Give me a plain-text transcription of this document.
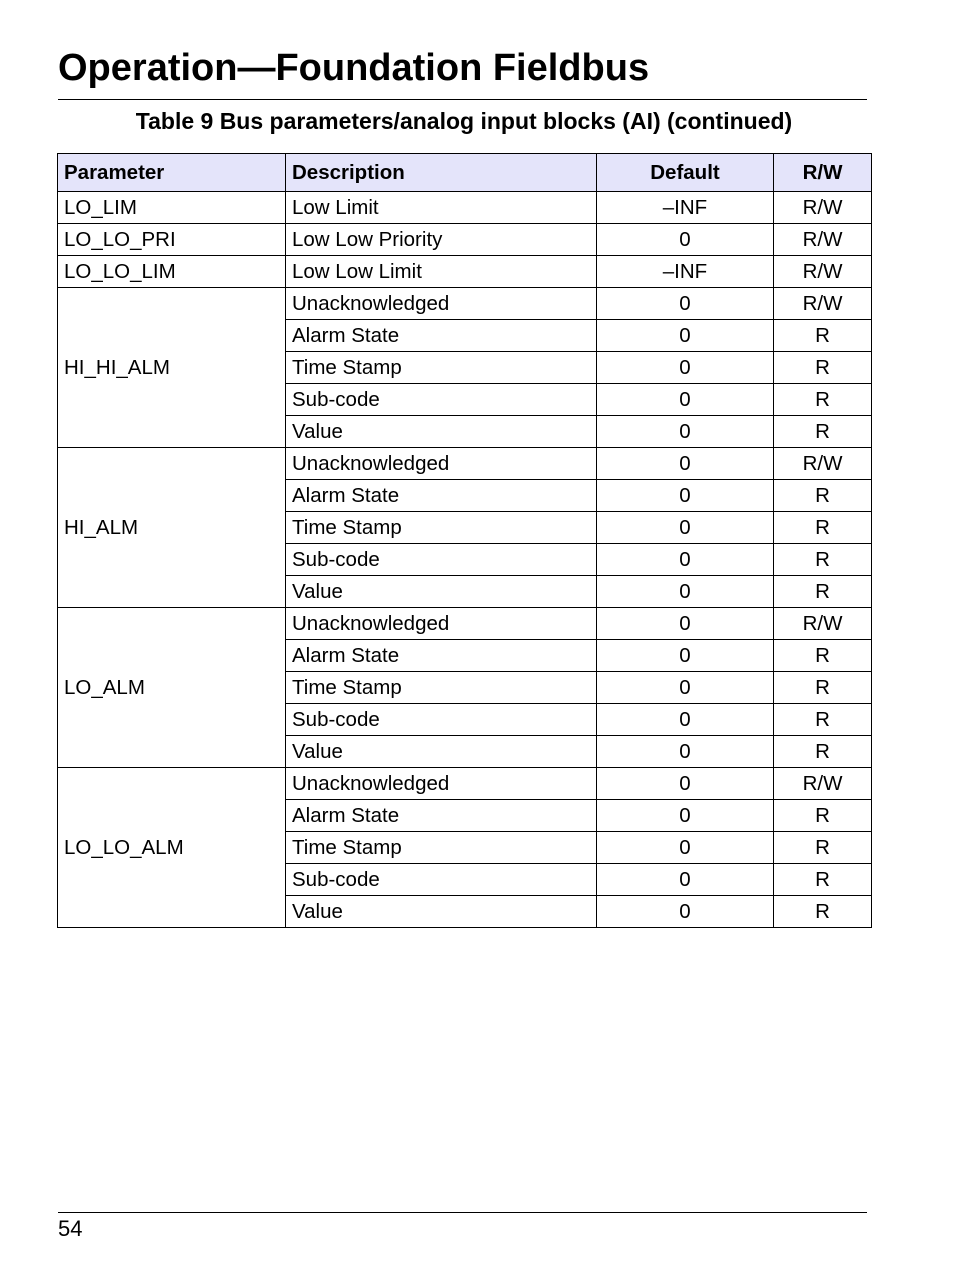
Operation—Foundation Fieldbus
Table 9 Bus parameters/analog input blocks (AI) (continued)
Parameter	Description	Default	R/W
LO_LIM	Low Limit	–INF	R/W
LO_LO_PRI	Low Low Priority	0	R/W
LO_LO_LIM	Low Low Limit	–INF	R/W
HI_HI_ALM	Unacknowledged	0	R/W
	Alarm State	0	R
	Time Stamp	0	R
	Sub-code	0	R
	Value	0	R
HI_ALM	Unacknowledged	0	R/W
	Alarm State	0	R
	Time Stamp	0	R
	Sub-code	0	R
	Value	0	R
LO_ALM	Unacknowledged	0	R/W
	Alarm State	0	R
	Time Stamp	0	R
	Sub-code	0	R
	Value	0	R
LO_LO_ALM	Unacknowledged	0	R/W
	Alarm State	0	R
	Time Stamp	0	R
	Sub-code	0	R
	Value	0	R
54
